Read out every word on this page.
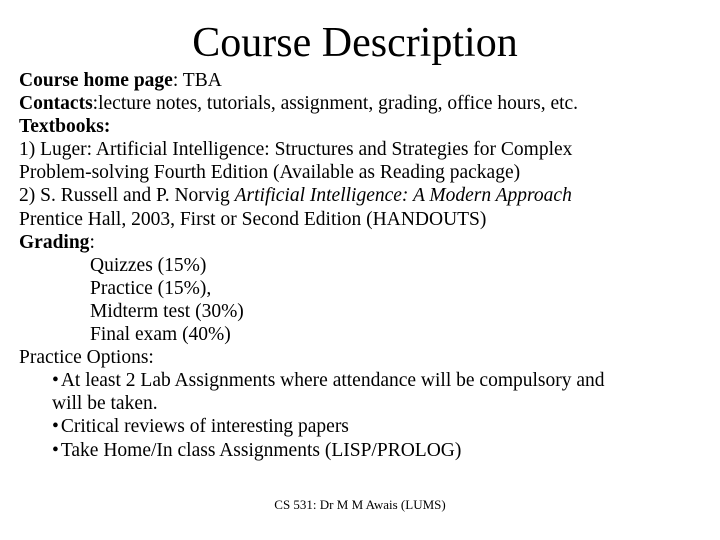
Course Description
Course home page: TBA
Contacts:lecture notes, tutorials, assignment, grading, office hours, etc.
Textbooks:
1) Luger: Artificial Intelligence: Structures and Strategies for Complex
Problem-solving Fourth Edition (Available as Reading package)
2) S. Russell and P. Norvig Artificial Intelligence: A Modern Approach
Prentice Hall, 2003, First or Second Edition (HANDOUTS)
Grading:
Quizzes (15%)
Practice (15%),
Midterm test (30%)
Final exam (40%)
Practice Options:
• At least 2 Lab Assignments where attendance will be compulsory and
will be taken.
• Critical reviews of interesting papers
• Take Home/In class Assignments (LISP/PROLOG)
CS 531: Dr M M Awais (LUMS)
